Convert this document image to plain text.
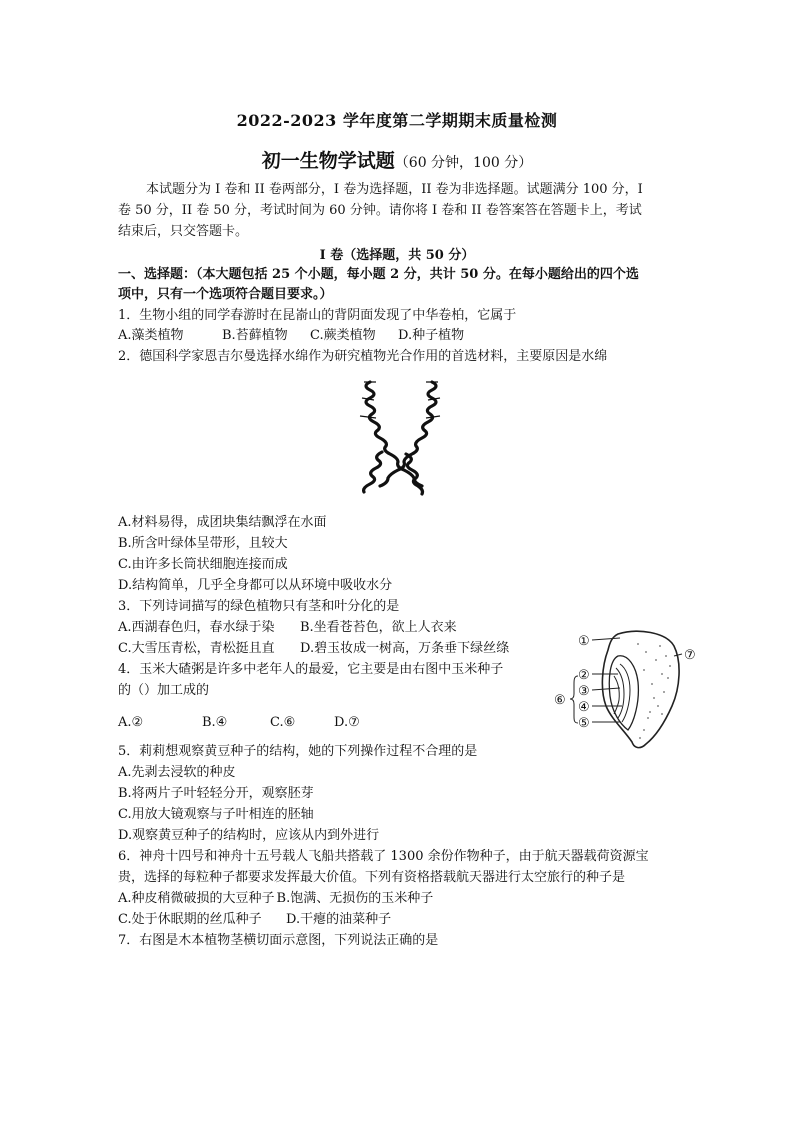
2022-2023 学年度第二学期期末质量检测
初一生物学试题（60 分钟，100 分）
本试题分为 I 卷和 II 卷两部分，I 卷为选择题，II 卷为非选择题。试题满分 100 分，I
卷 50 分，II 卷 50 分，考试时间为 60 分钟。请你将 I 卷和 II 卷答案答在答题卡上，考试
结束后，只交答题卡。
I 卷（选择题，共 50 分）
一、选择题：（本大题包括 25 个小题，每小题 2 分，共计 50 分。在每小题给出的四个选
项中，只有一个选项符合题目要求。）
1．生物小组的同学春游时在昆嵛山的背阴面发现了中华卷柏，它属于
A.藻类植物	B.苔藓植物 C.蕨类植物 D.种子植物
2．德国科学家恩吉尔曼选择水绵作为研究植物光合作用的首选材料，主要原因是水绵
A.材料易得，成团块集结飘浮在水面
B.所含叶绿体呈带形，且较大
C.由许多长筒状细胞连接而成
D.结构简单，几乎全身都可以从环境中吸收水分
3．下列诗词描写的绿色植物只有茎和叶分化的是
A.西湖春色归，春水绿于染 B.坐看苍苔色，欲上人衣来
C.大雪压青松，青松挺且直 D.碧玉妆成一树高，万条垂下绿丝绦
4．玉米大碴粥是许多中老年人的最爱，它主要是由右图中玉米种子
的（）加工成的
A.②	B.④	C.⑥	D.⑦
①
⑦
②
③
④
⑤
⑥
5．莉莉想观察黄豆种子的结构，她的下列操作过程不合理的是
A.先剥去浸软的种皮
B.将两片子叶轻轻分开，观察胚芽
C.用放大镜观察与子叶相连的胚轴
D.观察黄豆种子的结构时，应该从内到外进行
6．神舟十四号和神舟十五号载人飞船共搭载了 1300 余份作物种子，由于航天器载荷资源宝
贵，选择的每粒种子都要求发挥最大价值。下列有资格搭载航天器进行太空旅行的种子是
A.种皮稍微破损的大豆种子 B.饱满、无损伤的玉米种子
C.处于休眠期的丝瓜种子 D.干瘪的油菜种子
7．右图是木本植物茎横切面示意图，下列说法正确的是
